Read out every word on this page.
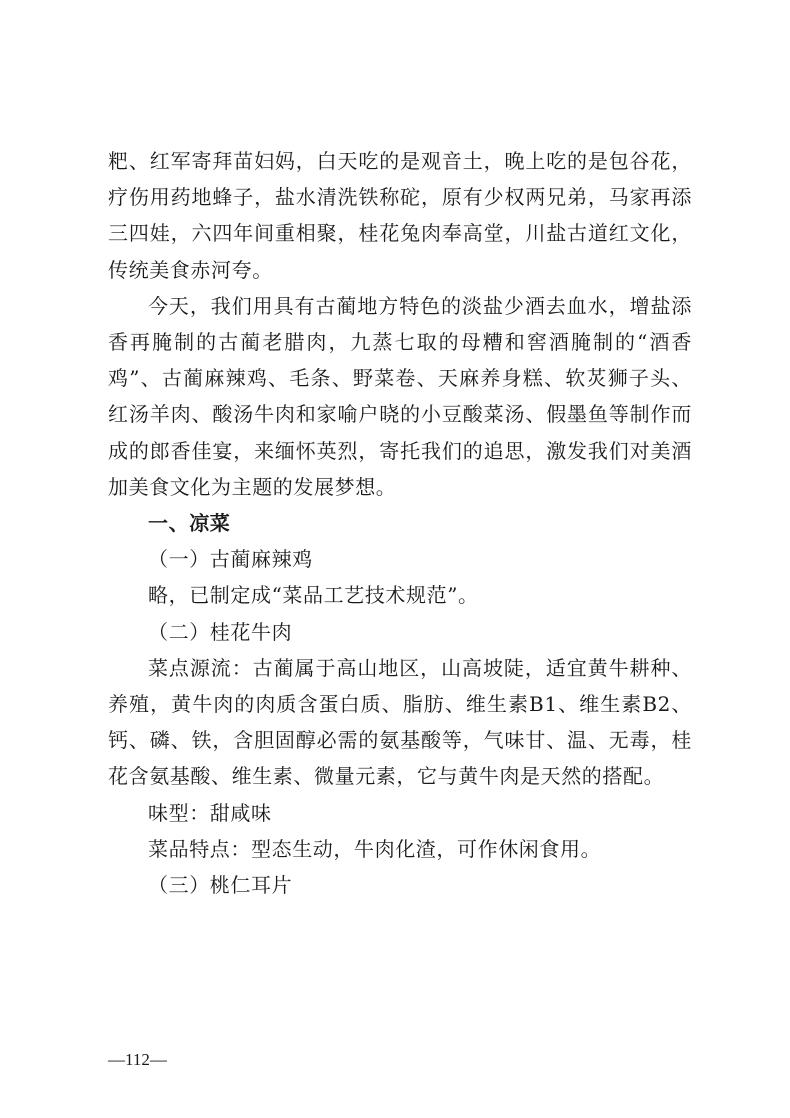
粑、红军寄拜苗妇妈，白天吃的是观音土，晚上吃的是包谷花，疗伤用药地蜂子，盐水清洗铁称砣，原有少权两兄弟，马家再添三四娃，六四年间重相聚，桂花兔肉奉高堂，川盐古道红文化，传统美食赤河夸。

今天，我们用具有古蔺地方特色的淡盐少酒去血水，增盐添香再腌制的古蔺老腊肉，九蒸七取的母糟和窖酒腌制的“酒香鸡”、古蔺麻辣鸡、毛条、野菜卷、天麻养身糕、软炗狮子头、红汤羊肉、酸汤牛肉和家喻户晓的小豆酸菜汤、假墨鱼等制作而成的郎香佳宴，来缅怀英烈，寄托我们的追思，激发我们对美酒加美食文化为主题的发展梦想。

一、凉菜

（一）古蔺麻辣鸡

略，已制定成“菜品工艺技术规范”。

（二）桂花牛肉

菜点源流：古蔺属于高山地区，山高坡陡，适宜黄牛耕种、养殖，黄牛肉的肉质含蛋白质、脂肪、维生素B1、维生素B2、钙、磷、铁，含胆固醇必需的氨基酸等，气味甘、温、无毒，桂花含氨基酸、维生素、微量元素，它与黄牛肉是天然的搭配。

味型：甜咸味

菜品特点：型态生动，牛肉化渣，可作休闲食用。

（三）桃仁耳片

—112—
